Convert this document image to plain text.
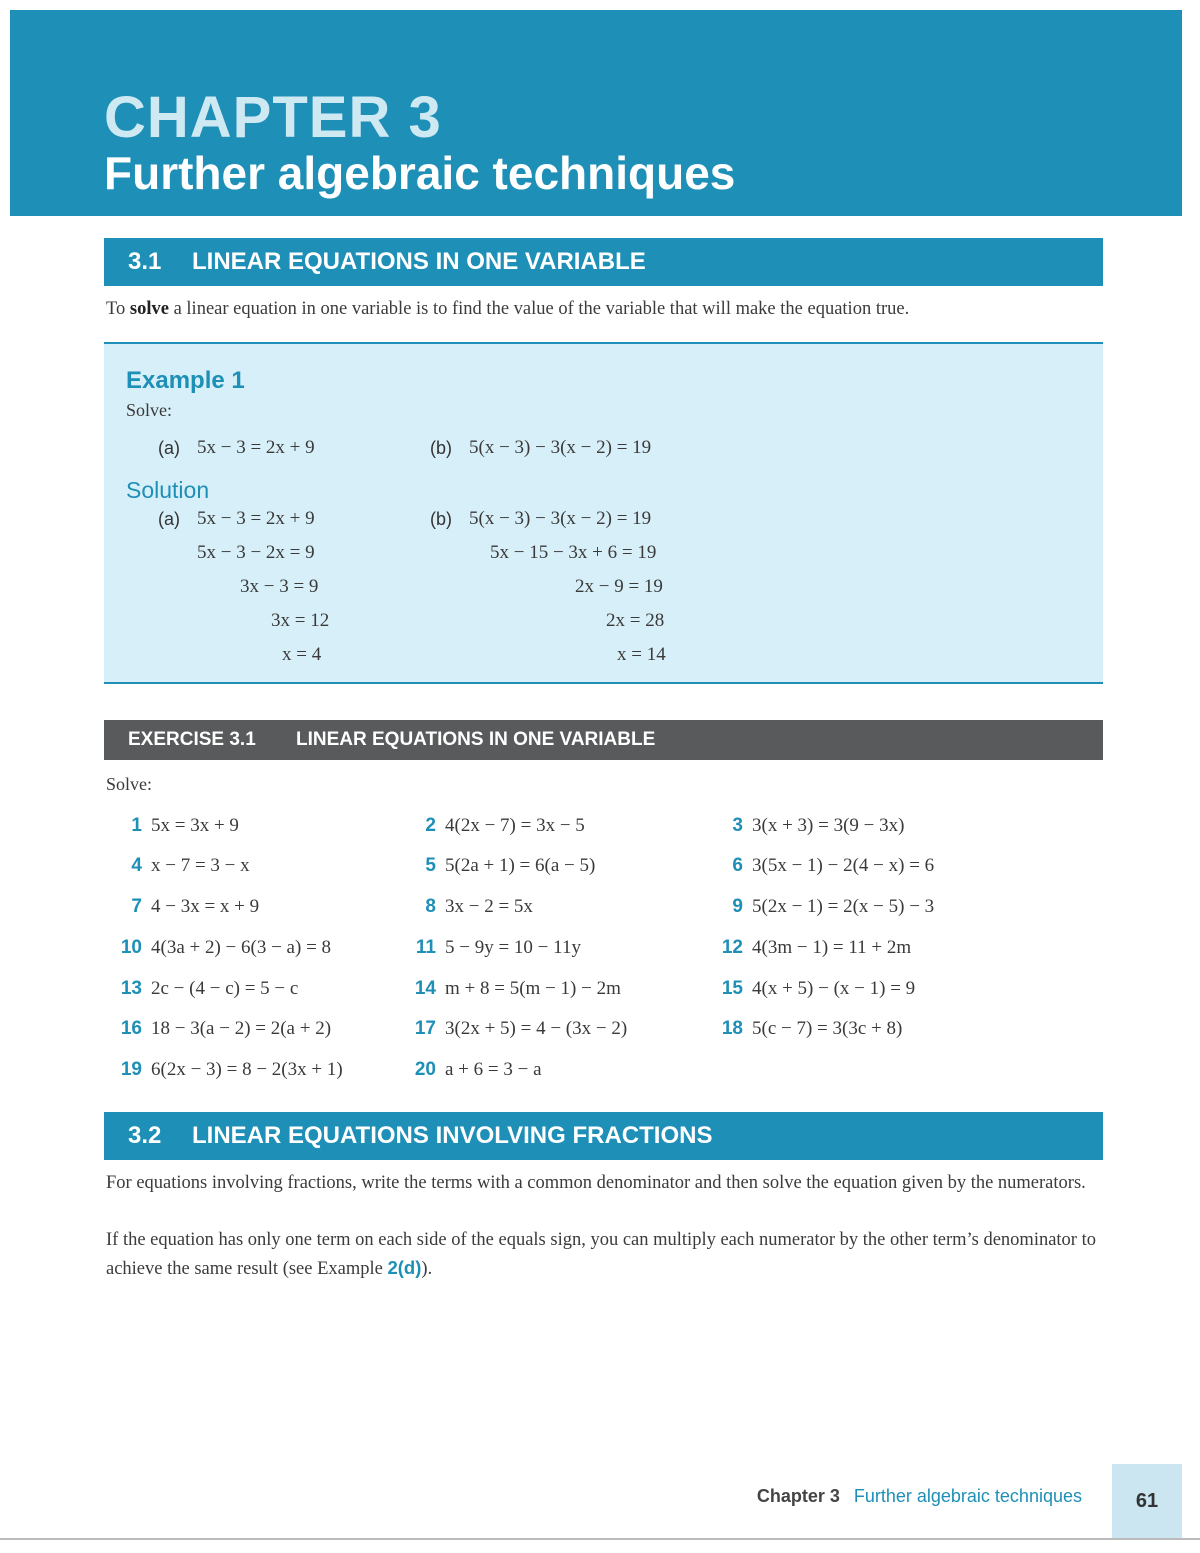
CHAPTER 3
Further algebraic techniques
3.1	LINEAR EQUATIONS IN ONE VARIABLE
To solve a linear equation in one variable is to find the value of the variable that will make the equation true.
Example 1
Solve:
(a) 5x − 3 = 2x + 9	(b) 5(x − 3) − 3(x − 2) = 19
Solution
(a) 5x − 3 = 2x + 9
5x − 3 − 2x = 9
3x − 3 = 9
3x = 12
x = 4
(b) 5(x − 3) − 3(x − 2) = 19
5x − 15 − 3x + 6 = 19
2x − 9 = 19
2x = 28
x = 14
EXERCISE 3.1	LINEAR EQUATIONS IN ONE VARIABLE
Solve:
1 5x = 3x + 9	2 4(2x − 7) = 3x − 5	3 3(x + 3) = 3(9 − 3x)
4 x − 7 = 3 − x	5 5(2a + 1) = 6(a − 5)	6 3(5x − 1) − 2(4 − x) = 6
7 4 − 3x = x + 9	8 3x − 2 = 5x	9 5(2x − 1) = 2(x − 5) − 3
10 4(3a + 2) − 6(3 − a) = 8	11 5 − 9y = 10 − 11y	12 4(3m − 1) = 11 + 2m
13 2c − (4 − c) = 5 − c	14 m + 8 = 5(m − 1) − 2m	15 4(x + 5) − (x − 1) = 9
16 18 − 3(a − 2) = 2(a + 2)	17 3(2x + 5) = 4 − (3x − 2)	18 5(c − 7) = 3(3c + 8)
19 6(2x − 3) = 8 − 2(3x + 1)	20 a + 6 = 3 − a
3.2	LINEAR EQUATIONS INVOLVING FRACTIONS
For equations involving fractions, write the terms with a common denominator and then solve the equation given by the numerators.
If the equation has only one term on each side of the equals sign, you can multiply each numerator by the other term’s denominator to achieve the same result (see Example 2(d)).
Chapter 3 Further algebraic techniques	61
